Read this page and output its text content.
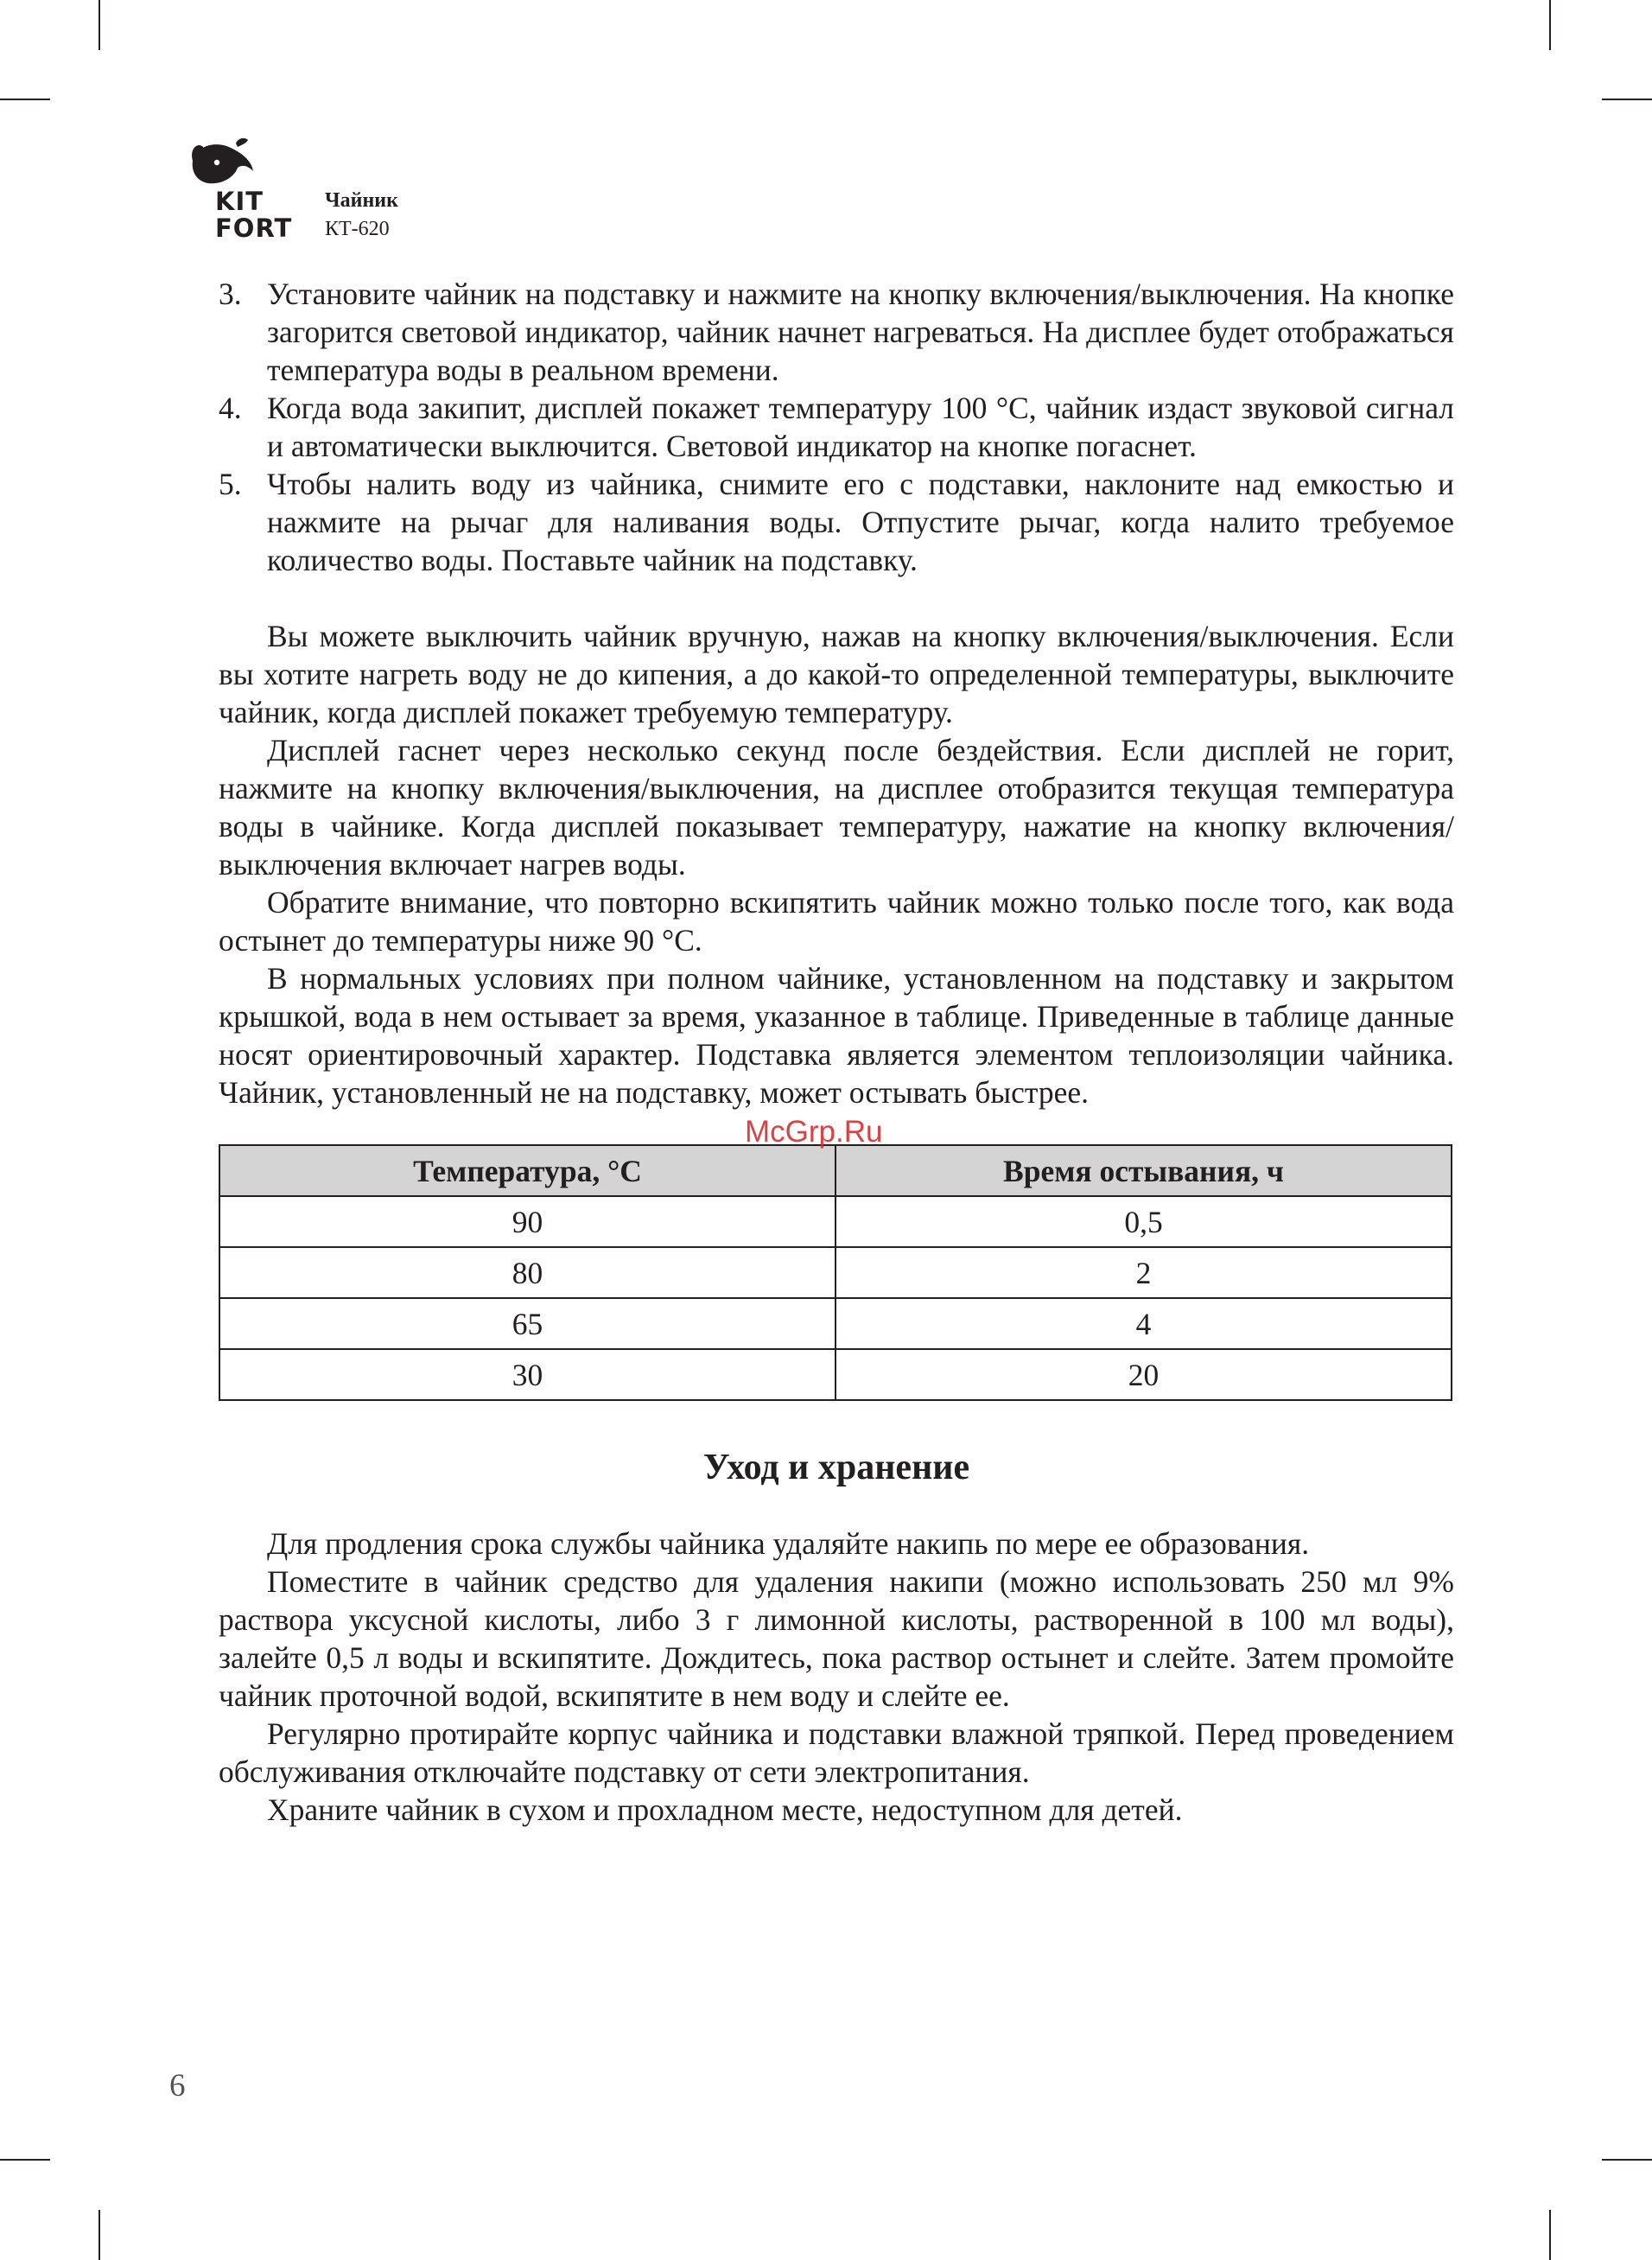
KIT
FORT
Чайник
КТ-620
3. Установите чайник на подставку и нажмите на кнопку включения/выключения. На кнопке загорится световой индикатор, чайник начнет нагреваться. На дисплее будет отображаться температура воды в реальном времени.
4. Когда вода закипит, дисплей покажет температуру 100 °С, чайник издаст звуковой сигнал и автоматически выключится. Световой индикатор на кнопке погаснет.
5. Чтобы налить воду из чайника, снимите его с подставки, наклоните над емкостью и нажмите на рычаг для наливания воды. Отпустите рычаг, когда налито требуемое количество воды. Поставьте чайник на подставку.

Вы можете выключить чайник вручную, нажав на кнопку включения/выключения. Если вы хотите нагреть воду не до кипения, а до какой-то определенной температуры, выключите чайник, когда дисплей покажет требуемую температуру.

Дисплей гаснет через несколько секунд после бездействия. Если дисплей не горит, нажмите на кнопку включения/выключения, на дисплее отобразится текущая температура воды в чайнике. Когда дисплей показывает температуру, нажатие на кнопку включения/выключения включает нагрев воды.

Обратите внимание, что повторно вскипятить чайник можно только после того, как вода остынет до температуры ниже 90 °С.

В нормальных условиях при полном чайнике, установленном на подставку и закрытом крышкой, вода в нем остывает за время, указанное в таблице. Приведенные в таблице данные носят ориентировочный характер. Подставка является элементом теплоизоляции чайника. Чайник, установленный не на подставку, может остывать быстрее.

Температура, °С	Время остывания, ч
90	0,5
80	2
65	4
30	20
Уход и хранение

Для продления срока службы чайника удаляйте накипь по мере ее образования.

Поместите в чайник средство для удаления накипи (можно использовать 250 мл 9% раствора уксусной кислоты, либо 3 г лимонной кислоты, растворенной в 100 мл воды), залейте 0,5 л воды и вскипятите. Дождитесь, пока раствор остынет и слейте. Затем промойте чайник проточной водой, вскипятите в нем воду и слейте ее.

Регулярно протирайте корпус чайника и подставки влажной тряпкой. Перед проведением обслуживания отключайте подставку от сети электропитания.

Храните чайник в сухом и прохладном месте, недоступном для детей.

McGrp.Ru
6
